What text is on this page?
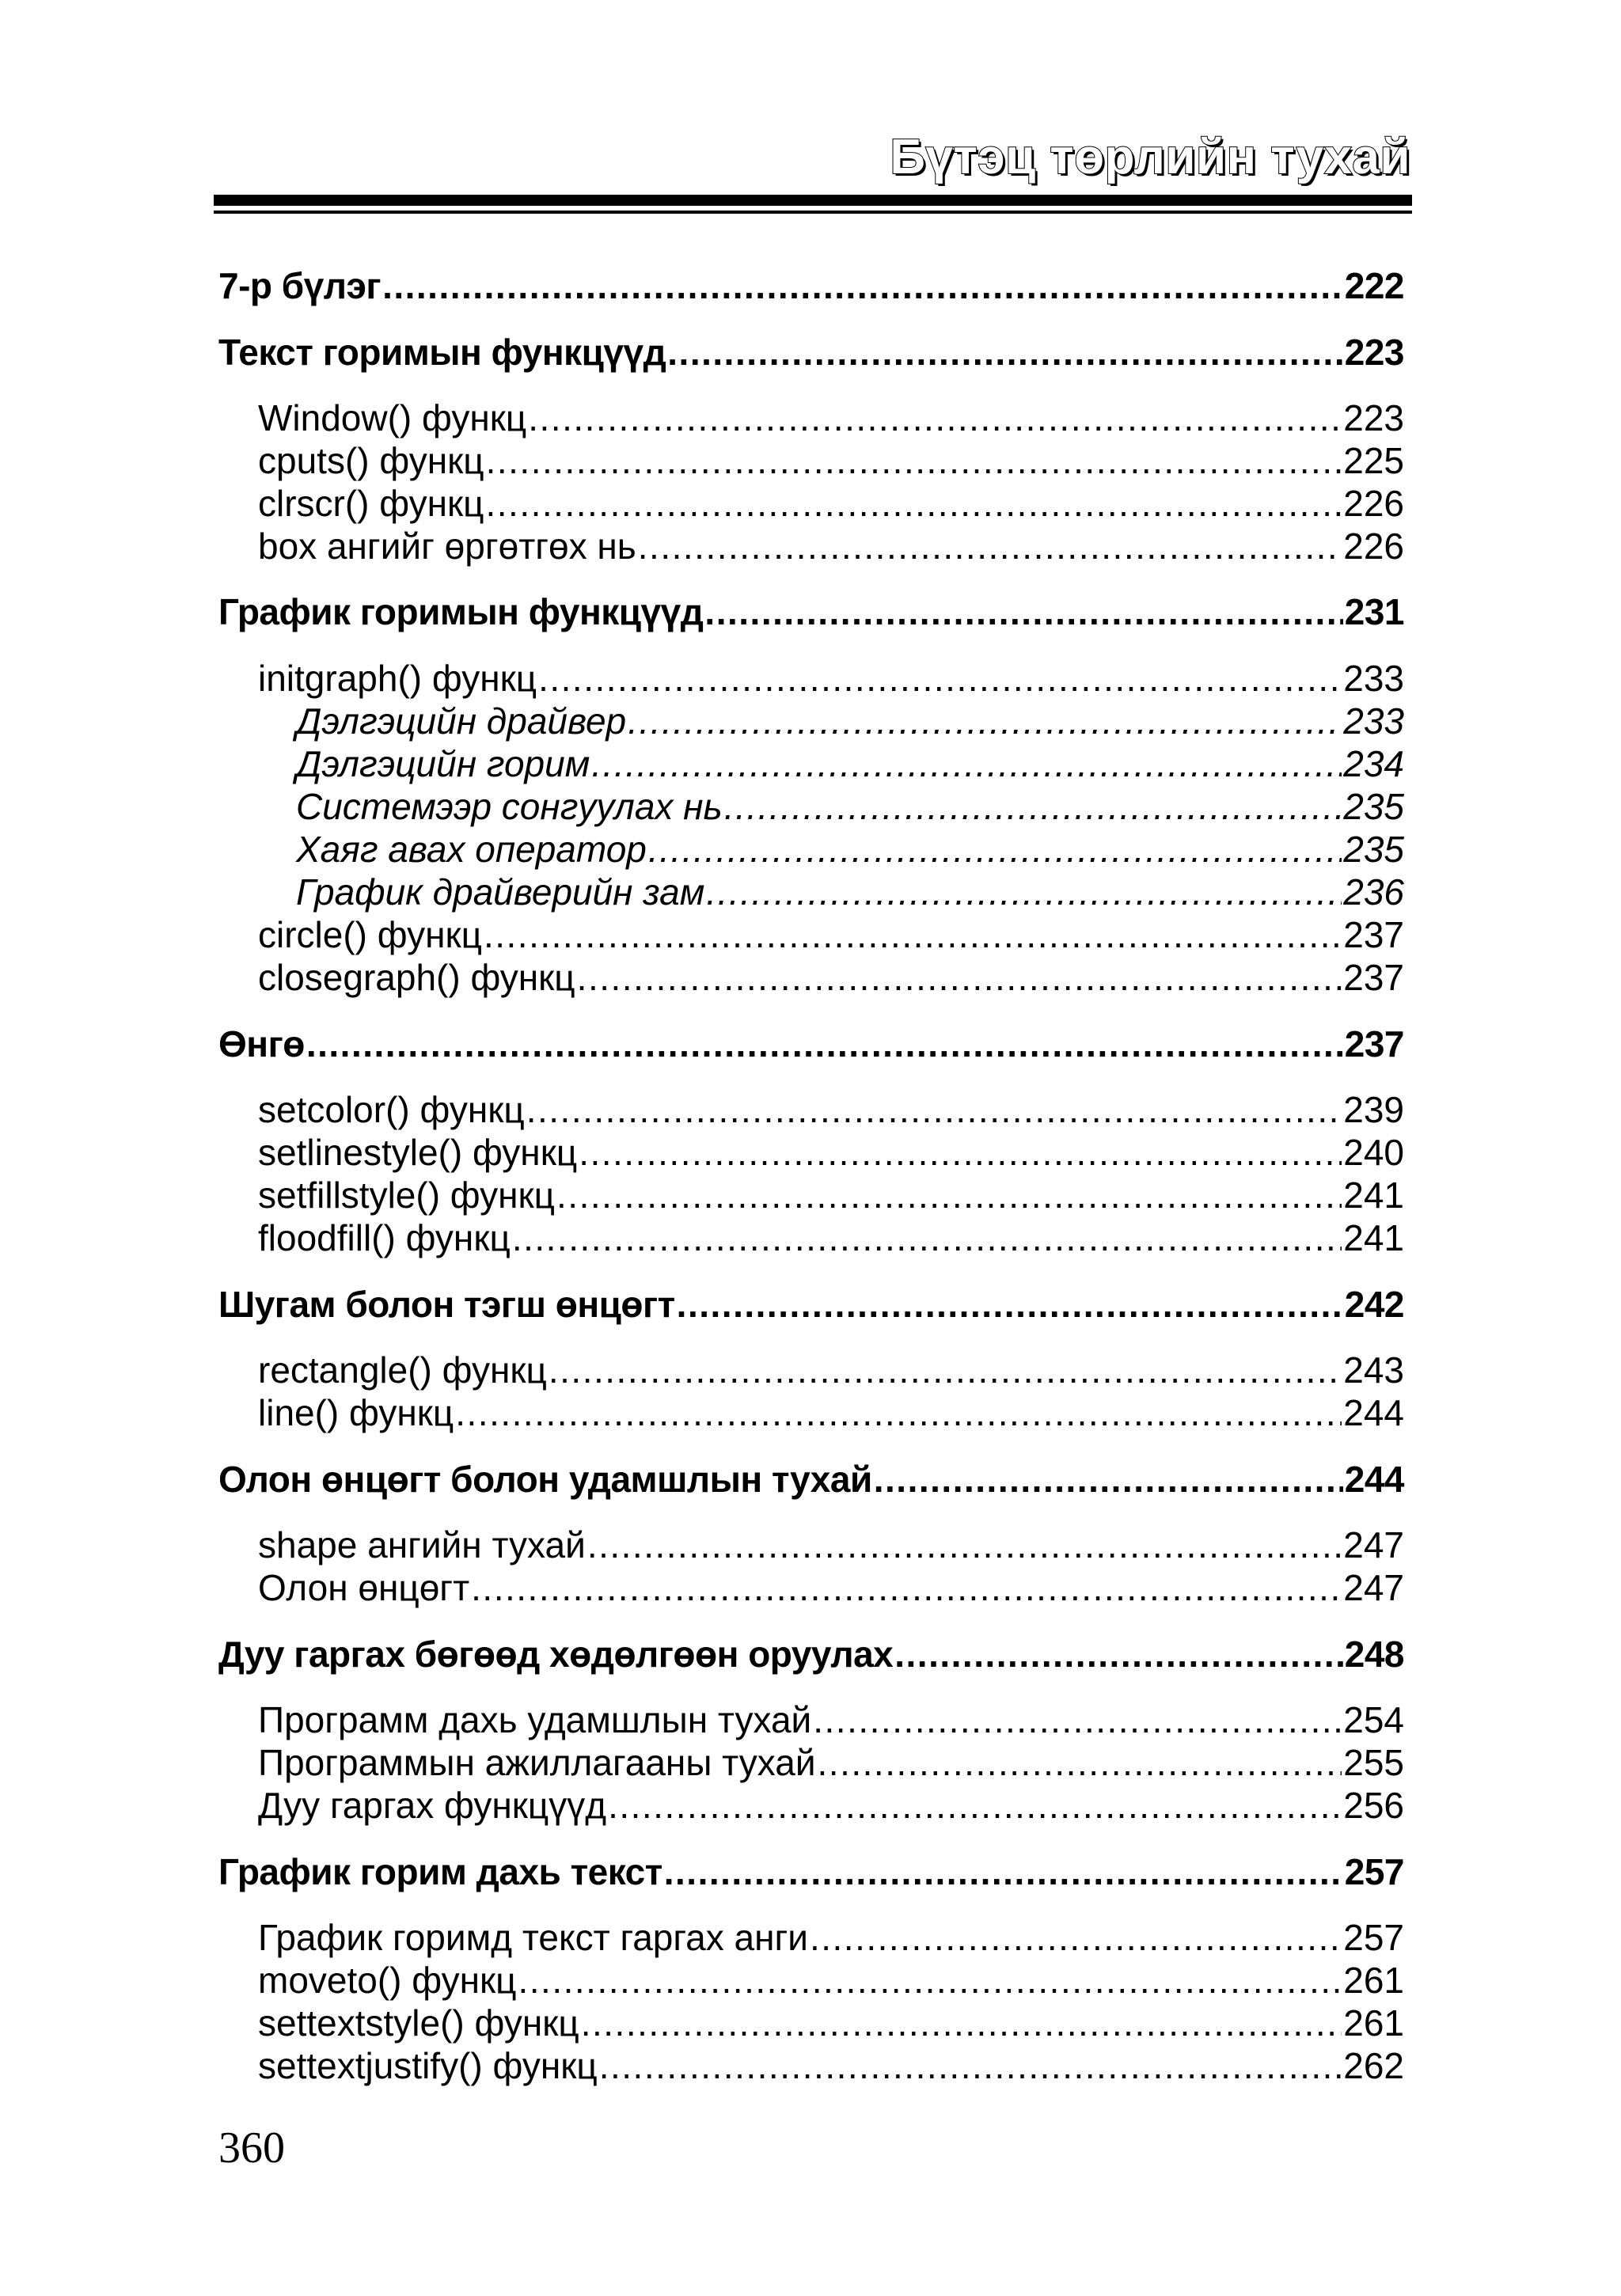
Бүтэц төрлийн тухай
7-р бүлэг .....	222
Текст горимын функцүүд .....	223
Window() функц .....	223
cputs() функц .....	225
clrscr() функц .....	226
box ангийг өргөтгөх нь .....	226
График горимын функцүүд .....	231
initgraph() функц .....	233
Дэлгэцийн драйвер .....	233
Дэлгэцийн горим .....	234
Системээр сонгуулах нь .....	235
Хаяг авах оператор .....	235
График драйверийн зам .....	236
circle() функц .....	237
closegraph() функц .....	237
Өнгө .....	237
setcolor() функц .....	239
setlinestyle() функц .....	240
setfillstyle() функц .....	241
floodfill() функц .....	241
Шугам болон тэгш өнцөгт .....	242
rectangle() функц .....	243
line() функц .....	244
Олон өнцөгт болон удамшлын тухай .....	244
shape ангийн тухай .....	247
Олон өнцөгт .....	247
Дуу гаргах бөгөөд хөдөлгөөн оруулах .....	248
Программ дахь удамшлын тухай .....	254
Программын ажиллагааны тухай .....	255
Дуу гаргах функцүүд .....	256
График горим дахь текст .....	257
График горимд текст гаргах анги .....	257
moveto() функц .....	261
settextstyle() функц .....	261
settextjustify() функц .....	262
360
